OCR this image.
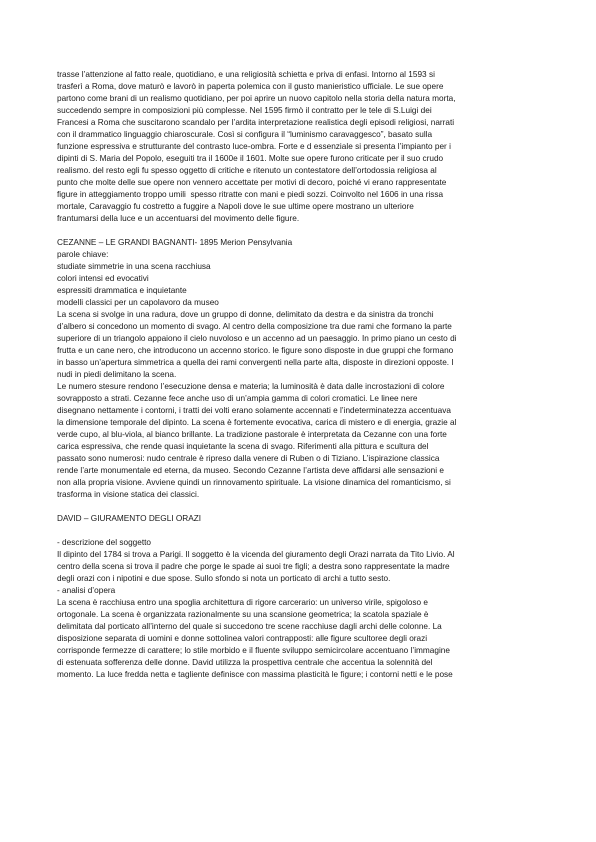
trasse l’attenzione al fatto reale, quotidiano, e una religiosità schietta e priva di enfasi. Intorno al 1593 si
trasferì a Roma, dove maturò e lavorò in paperta polemica con il gusto manieristico ufficiale. Le sue opere
partono come brani di un realismo quotidiano, per poi aprire un nuovo capitolo nella storia della natura morta,
succedendo sempre in composizioni più complesse. Nel 1595 firmò il contratto per le tele di S.Luigi dei
Francesi a Roma che suscitarono scandalo per l’ardita interpretazione realistica degli episodi religiosi, narrati
con il drammatico linguaggio chiaroscurale. Così si configura il “luminismo caravaggesco”, basato sulla
funzione espressiva e strutturante del contrasto luce-ombra. Forte e d essenziale si presenta l’impianto per i
dipinti di S. Maria del Popolo, eseguiti tra il 1600e il 1601. Molte sue opere furono criticate per il suo crudo
realismo. del resto egli fu spesso oggetto di critiche e ritenuto un contestatore dell’ortodossia religiosa al
punto che molte delle sue opere non vennero accettate per motivi di decoro, poiché vi erano rappresentate
figure in atteggiamento troppo umili  spesso ritratte con mani e piedi sozzi. Coinvolto nel 1606 in una rissa
mortale, Caravaggio fu costretto a fuggire a Napoli dove le sue ultime opere mostrano un ulteriore
frantumarsi della luce e un accentuarsi del movimento delle figure.
CEZANNE – LE GRANDI BAGNANTI- 1895 Merion Pensylvania
parole chiave:
studiate simmetrie in una scena racchiusa
colori intensi ed evocativi
espressiti drammatica e inquietante
modelli classici per un capolavoro da museo
La scena si svolge in una radura, dove un gruppo di donne, delimitato da destra e da sinistra da tronchi
d’albero si concedono un momento di svago. Al centro della composizione tra due rami che formano la parte
superiore di un triangolo appaiono il cielo nuvoloso e un accenno ad un paesaggio. In primo piano un cesto di
frutta e un cane nero, che introducono un accenno storico. le figure sono disposte in due gruppi che formano
in basso un’apertura simmetrica a quella dei rami convergenti nella parte alta, disposte in direzioni opposte. I
nudi in piedi delimitano la scena.
Le numero stesure rendono l’esecuzione densa e materia; la luminosità è data dalle incrostazioni di colore
sovrapposto a strati. Cezanne fece anche uso di un’ampia gamma di colori cromatici. Le linee nere
disegnano nettamente i contorni, i tratti dei volti erano solamente accennati e l’indeterminatezza accentuava
la dimensione temporale del dipinto. La scena è fortemente evocativa, carica di mistero e di energia, grazie al
verde cupo, al blu-viola, al bianco brillante. La tradizione pastorale è interpretata da Cezanne con una forte
carica espressiva, che rende quasi inquietante la scena di svago. Riferimenti alla pittura e scultura del
passato sono numerosi: nudo centrale è ripreso dalla venere di Ruben o di Tiziano. L’ispirazione classica
rende l’arte monumentale ed eterna, da museo. Secondo Cezanne l’artista deve affidarsi alle sensazioni e
non alla propria visione. Avviene quindi un rinnovamento spirituale. La visione dinamica del romanticismo, si
trasforma in visione statica dei classici.
DAVID – GIURAMENTO DEGLI ORAZI
- descrizione del soggetto
Il dipinto del 1784 si trova a Parigi. Il soggetto è la vicenda del giuramento degli Orazi narrata da Tito Livio. Al
centro della scena si trova il padre che porge le spade ai suoi tre figli; a destra sono rappresentate la madre
degli orazi con i nipotini e due spose. Sullo sfondo si nota un porticato di archi a tutto sesto.
- analisi d’opera
La scena è racchiusa entro una spoglia architettura di rigore carcerario: un universo virile, spigoloso e
ortogonale. La scena è organizzata razionalmente su una scansione geometrica; la scatola spaziale è
delimitata dal porticato all’interno del quale si succedono tre scene racchiuse dagli archi delle colonne. La
disposizione separata di uomini e donne sottolinea valori contrapposti: alle figure scultoree degli orazi
corrisponde fermezze di carattere; lo stile morbido e il fluente sviluppo semicircolare accentuano l’immagine
di estenuata sofferenza delle donne. David utilizza la prospettiva centrale che accentua la solennità del
momento. La luce fredda netta e tagliente definisce con massima plasticità le figure; i contorni netti e le pose
